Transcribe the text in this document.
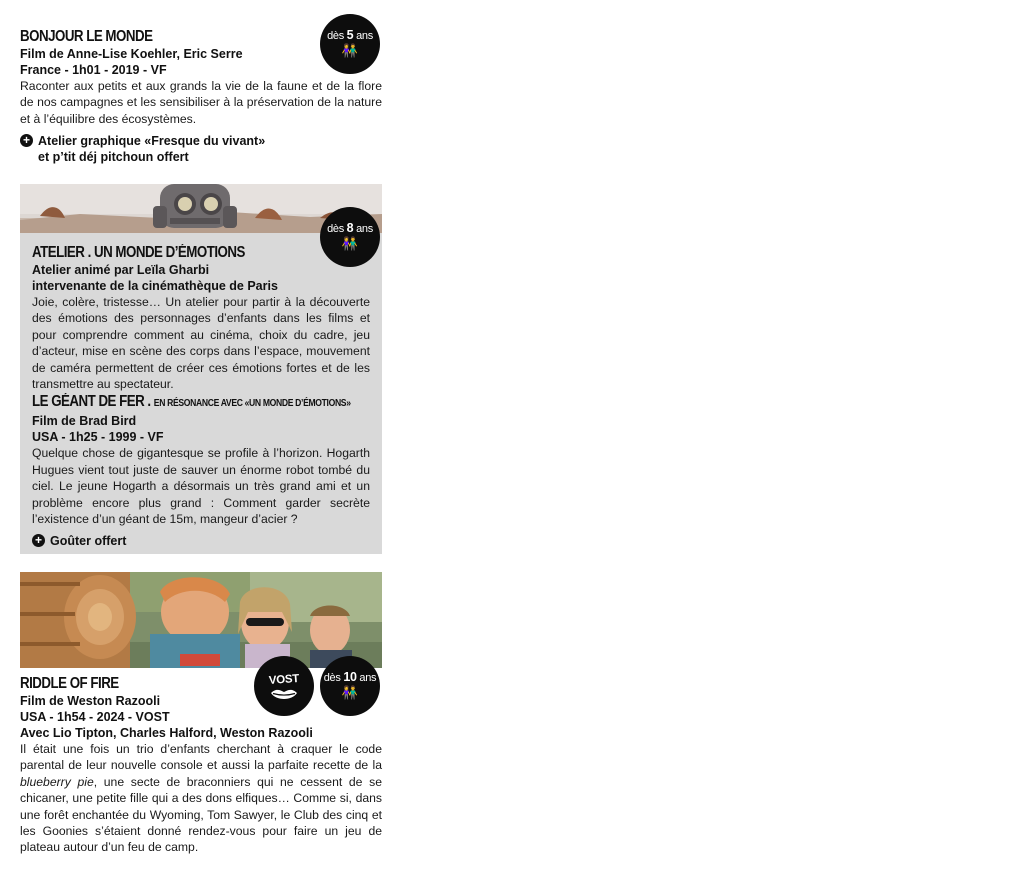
BONJOUR LE MONDE
Film de Anne-Lise Koehler, Eric Serre
France - 1h01 - 2019 - VF
Raconter aux petits et aux grands la vie de la faune et de la flore de nos campagnes et les sensibiliser à la préservation de la nature et à l’équilibre des écosystèmes.
+ Atelier graphique «Fresque du vivant»
et p’tit déj pitchoun offert
dès 5 ans
👫
dès 8 ans
👫
ATELIER . UN MONDE D’ÉMOTIONS
Atelier animé par Leïla Gharbi
intervenante de la cinémathèque de Paris
Joie, colère, tristesse… Un atelier pour partir à la découverte des émotions des personnages d’enfants dans les films et pour comprendre comment au cinéma, choix du cadre, jeu d’acteur, mise en scène des corps dans l’espace, mouvement de caméra permettent de créer ces émotions fortes et de les transmettre au spectateur.
LE GÉANT DE FER . EN RÉSONANCE AVEC «UN MONDE D’ÉMOTIONS»
Film de Brad Bird
USA - 1h25 - 1999 - VF
Quelque chose de gigantesque se profile à l’horizon. Hogarth Hugues vient tout juste de sauver un énorme robot tombé du ciel. Le jeune Hogarth a désormais un très grand ami et un problème encore plus grand : Comment garder secrète l’existence d’un géant de 15m, mangeur d’acier ?
+ Goûter offert
VOST	dès 10 ans
👫
RIDDLE OF FIRE
Film de Weston Razooli
USA - 1h54 - 2024 - VOST
Avec Lio Tipton, Charles Halford, Weston Razooli
Il était une fois un trio d’enfants cherchant à craquer le code parental de leur nouvelle console et aussi la parfaite recette de la blueberry pie, une secte de braconniers qui ne cessent de se chicaner, une petite fille qui a des dons elfiques… Comme si, dans une forêt enchantée du Wyoming, Tom Sawyer, le Club des cinq et les Goonies s’étaient donné rendez-vous pour faire un jeu de plateau autour d’un feu de camp.
